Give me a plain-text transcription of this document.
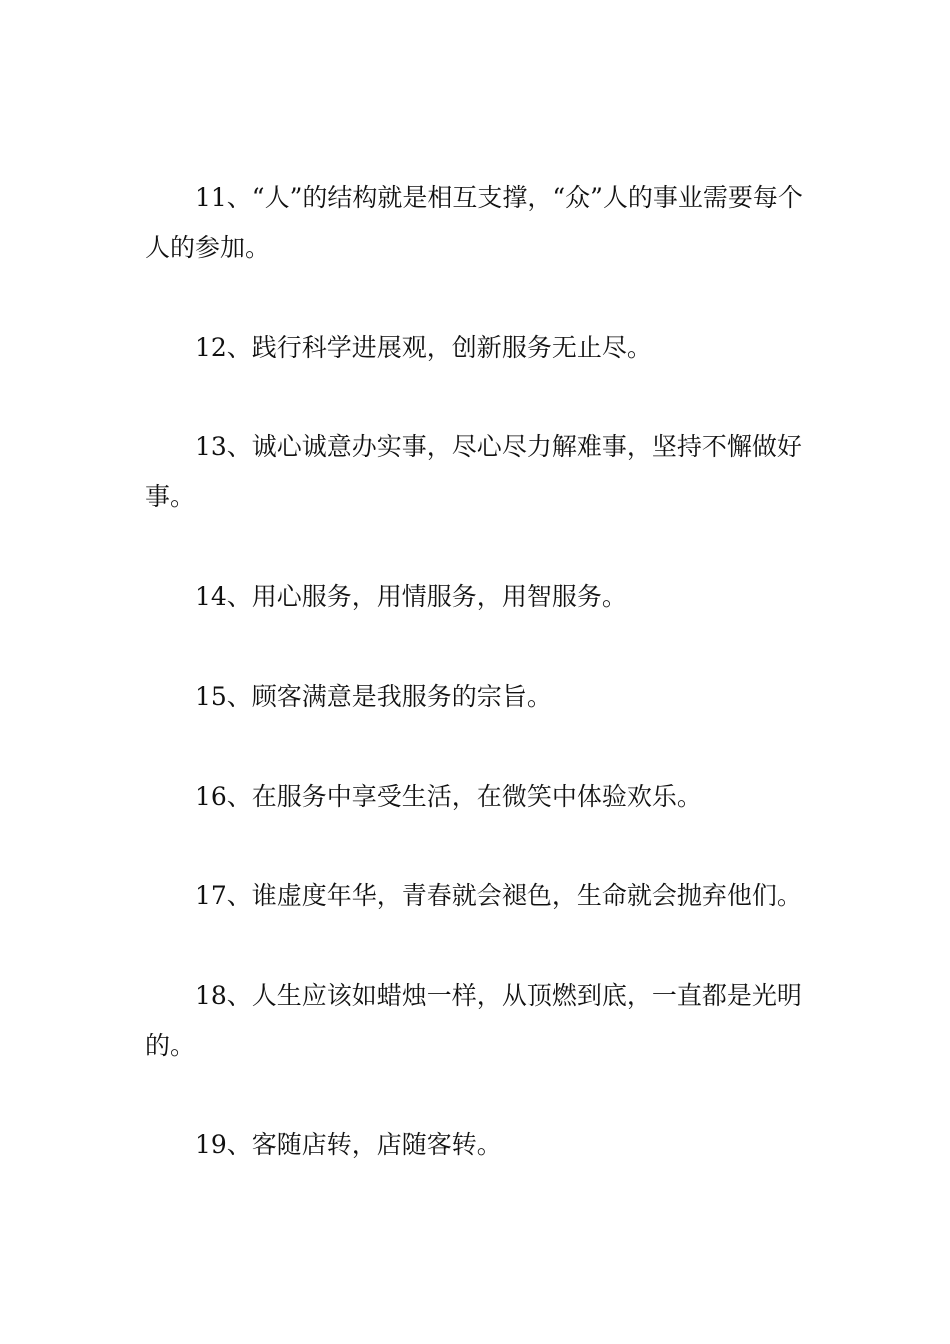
11、“人”的结构就是相互支撑，“众”人的事业需要每个人的参加。

12、践行科学进展观，创新服务无止尽。

13、诚心诚意办实事，尽心尽力解难事，坚持不懈做好事。

14、用心服务，用情服务，用智服务。

15、顾客满意是我服务的宗旨。

16、在服务中享受生活，在微笑中体验欢乐。

17、谁虚度年华，青春就会褪色，生命就会抛弃他们。

18、人生应该如蜡烛一样，从顶燃到底，一直都是光明的。

19、客随店转，店随客转。
